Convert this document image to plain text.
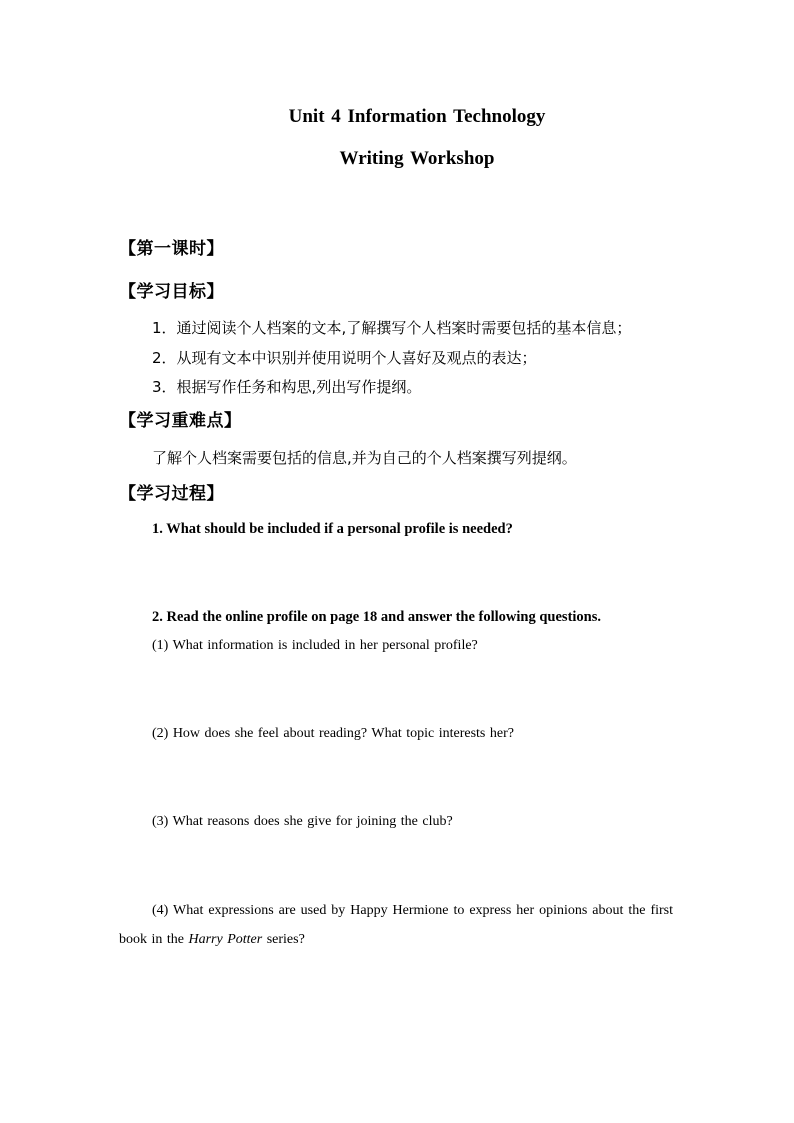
Unit 4 Information Technology
Writing Workshop
【第一课时】
【学习目标】
1．通过阅读个人档案的文本,了解撰写个人档案时需要包括的基本信息；
2．从现有文本中识别并使用说明个人喜好及观点的表达；
3．根据写作任务和构思,列出写作提纲。
【学习重难点】
了解个人档案需要包括的信息,并为自己的个人档案撰写列提纲。
【学习过程】
1. What should be included if a personal profile is needed?
2. Read the online profile on page 18 and answer the following questions.
(1) What information is included in her personal profile?
(2) How does she feel about reading? What topic interests her?
(3) What reasons does she give for joining the club?
(4) What expressions are used by Happy Hermione to express her opinions about the first book in the Harry Potter series?
